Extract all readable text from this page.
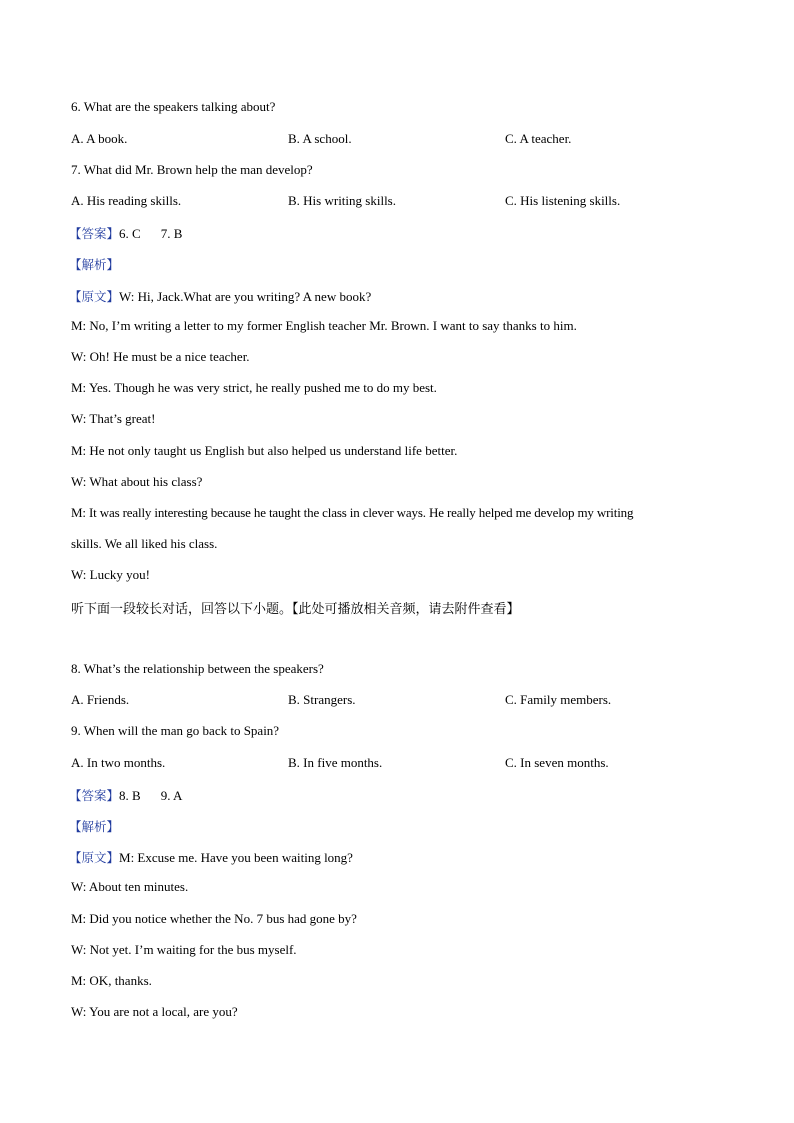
6. What are the speakers talking about?
A. A book.	B. A school.	C. A teacher.
7. What did Mr. Brown help the man develop?
A. His reading skills.	B. His writing skills.	C. His listening skills.
【答案】6. C 7. B
【解析】
【原文】W: Hi, Jack.What are you writing? A new book?
M: No, I’m writing a letter to my former English teacher Mr. Brown. I want to say thanks to him.
W: Oh! He must be a nice teacher.
M: Yes. Though he was very strict, he really pushed me to do my best.
W: That’s great!
M: He not only taught us English but also helped us understand life better.
W: What about his class?
M: It was really interesting because he taught the class in clever ways. He really helped me develop my writing
skills. We all liked his class.
W: Lucky you!
听下面一段较长对话，回答以下小题。【此处可播放相关音频，请去附件查看】
8. What’s the relationship between the speakers?
A. Friends.	B. Strangers.	C. Family members.
9. When will the man go back to Spain?
A. In two months.	B. In five months.	C. In seven months.
【答案】8. B 9. A
【解析】
【原文】M: Excuse me. Have you been waiting long?
W: About ten minutes.
M: Did you notice whether the No. 7 bus had gone by?
W: Not yet. I’m waiting for the bus myself.
M: OK, thanks.
W: You are not a local, are you?
